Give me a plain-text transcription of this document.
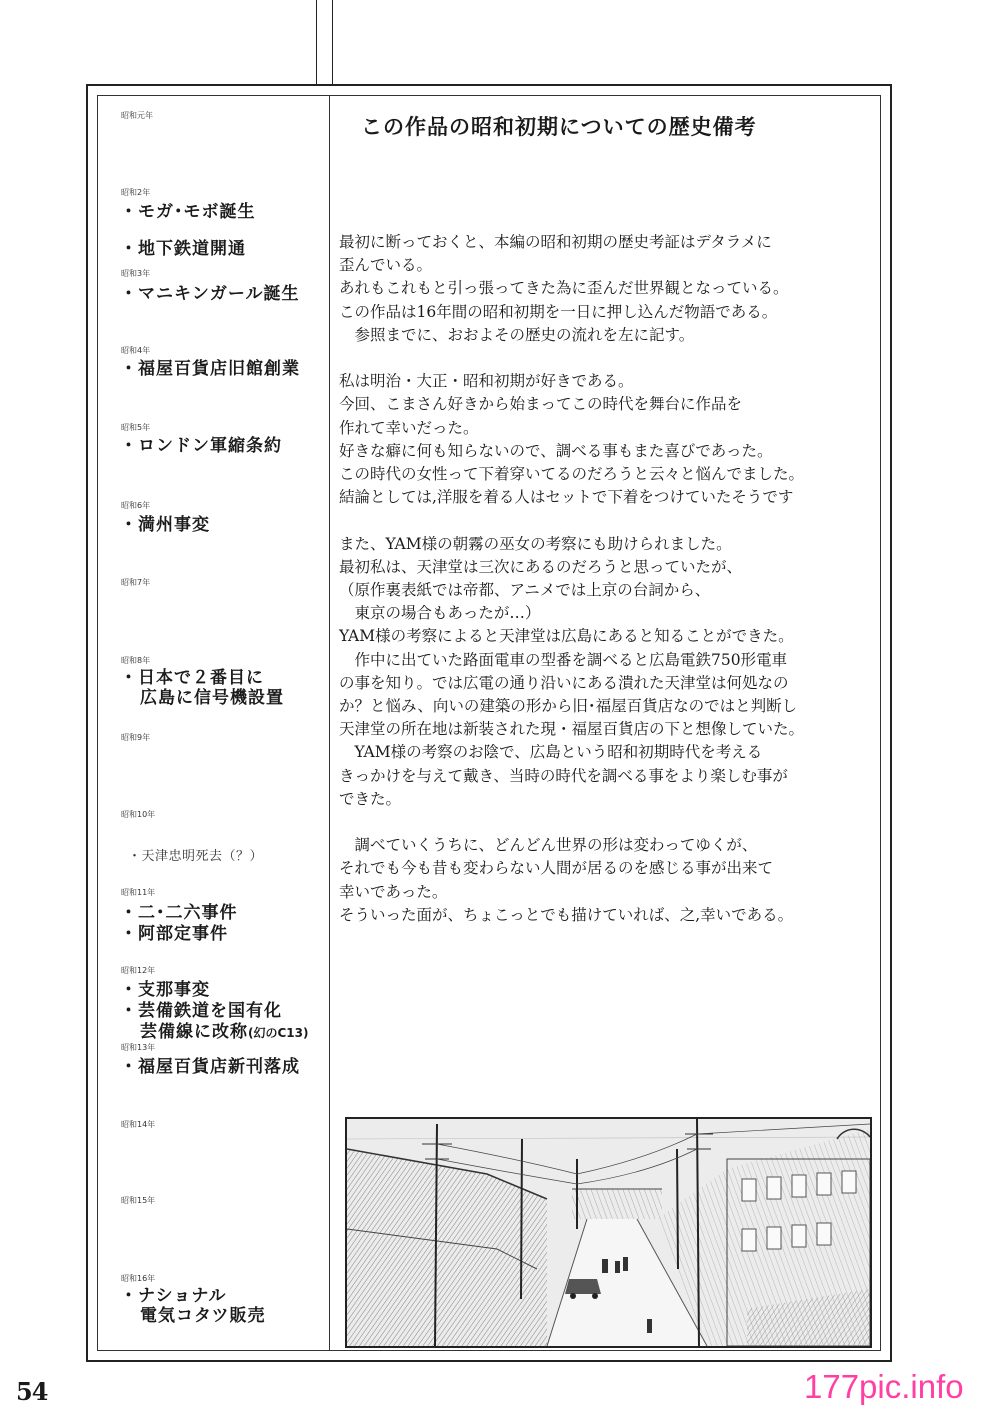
昭和元年
昭和2年
・モガ･モボ誕生
・地下鉄道開通
昭和3年
・マニキンガール誕生
昭和4年
・福屋百貨店旧館創業
昭和5年
・ロンドン軍縮条約
昭和6年
・満州事変
昭和7年
昭和8年
・日本で２番目に
広島に信号機設置
昭和9年
昭和10年
・天津忠明死去（？）
昭和11年
・二･二六事件
・阿部定事件
昭和12年
・支那事変
・芸備鉄道を国有化
芸備線に改称(幻のC13)
昭和13年
・福屋百貨店新刊落成
昭和14年
昭和15年
昭和16年
・ナショナル
電気コタツ販売
この作品の昭和初期についての歴史備考

最初に断っておくと、本編の昭和初期の歴史考証はデタラメに

歪んでいる。

あれもこれもと引っ張ってきた為に歪んだ世界観となっている。

この作品は16年間の昭和初期を一日に押し込んだ物語である。

　参照までに、おおよその歴史の流れを左に記す。

私は明治・大正・昭和初期が好きである。

今回、こまさん好きから始まってこの時代を舞台に作品を

作れて幸いだった。

好きな癖に何も知らないので、調べる事もまた喜びであった。

この時代の女性って下着穿いてるのだろうと云々と悩んでました。

結論としては,洋服を着る人はセットで下着をつけていたそうです

また、YAM様の朝霧の巫女の考察にも助けられました。

最初私は、天津堂は三次にあるのだろうと思っていたが、

（原作裏表紙では帝都、アニメでは上京の台詞から、

　東京の場合もあったが…）

YAM様の考察によると天津堂は広島にあると知ることができた。

　作中に出ていた路面電車の型番を調べると広島電鉄750形電車

の事を知り。では広電の通り沿いにある潰れた天津堂は何処なの

か？と悩み、向いの建築の形から旧･福屋百貨店なのではと判断し

天津堂の所在地は新装された現・福屋百貨店の下と想像していた。

　YAM様の考察のお陰で、広島という昭和初期時代を考える

きっかけを与えて戴き、当時の時代を調べる事をより楽しむ事が

できた。

　調べていくうちに、どんどん世界の形は変わってゆくが、

それでも今も昔も変わらない人間が居るのを感じる事が出来て

幸いであった。

そういった面が、ちょこっとでも描けていれば、之,幸いである。

54	177pic.info
